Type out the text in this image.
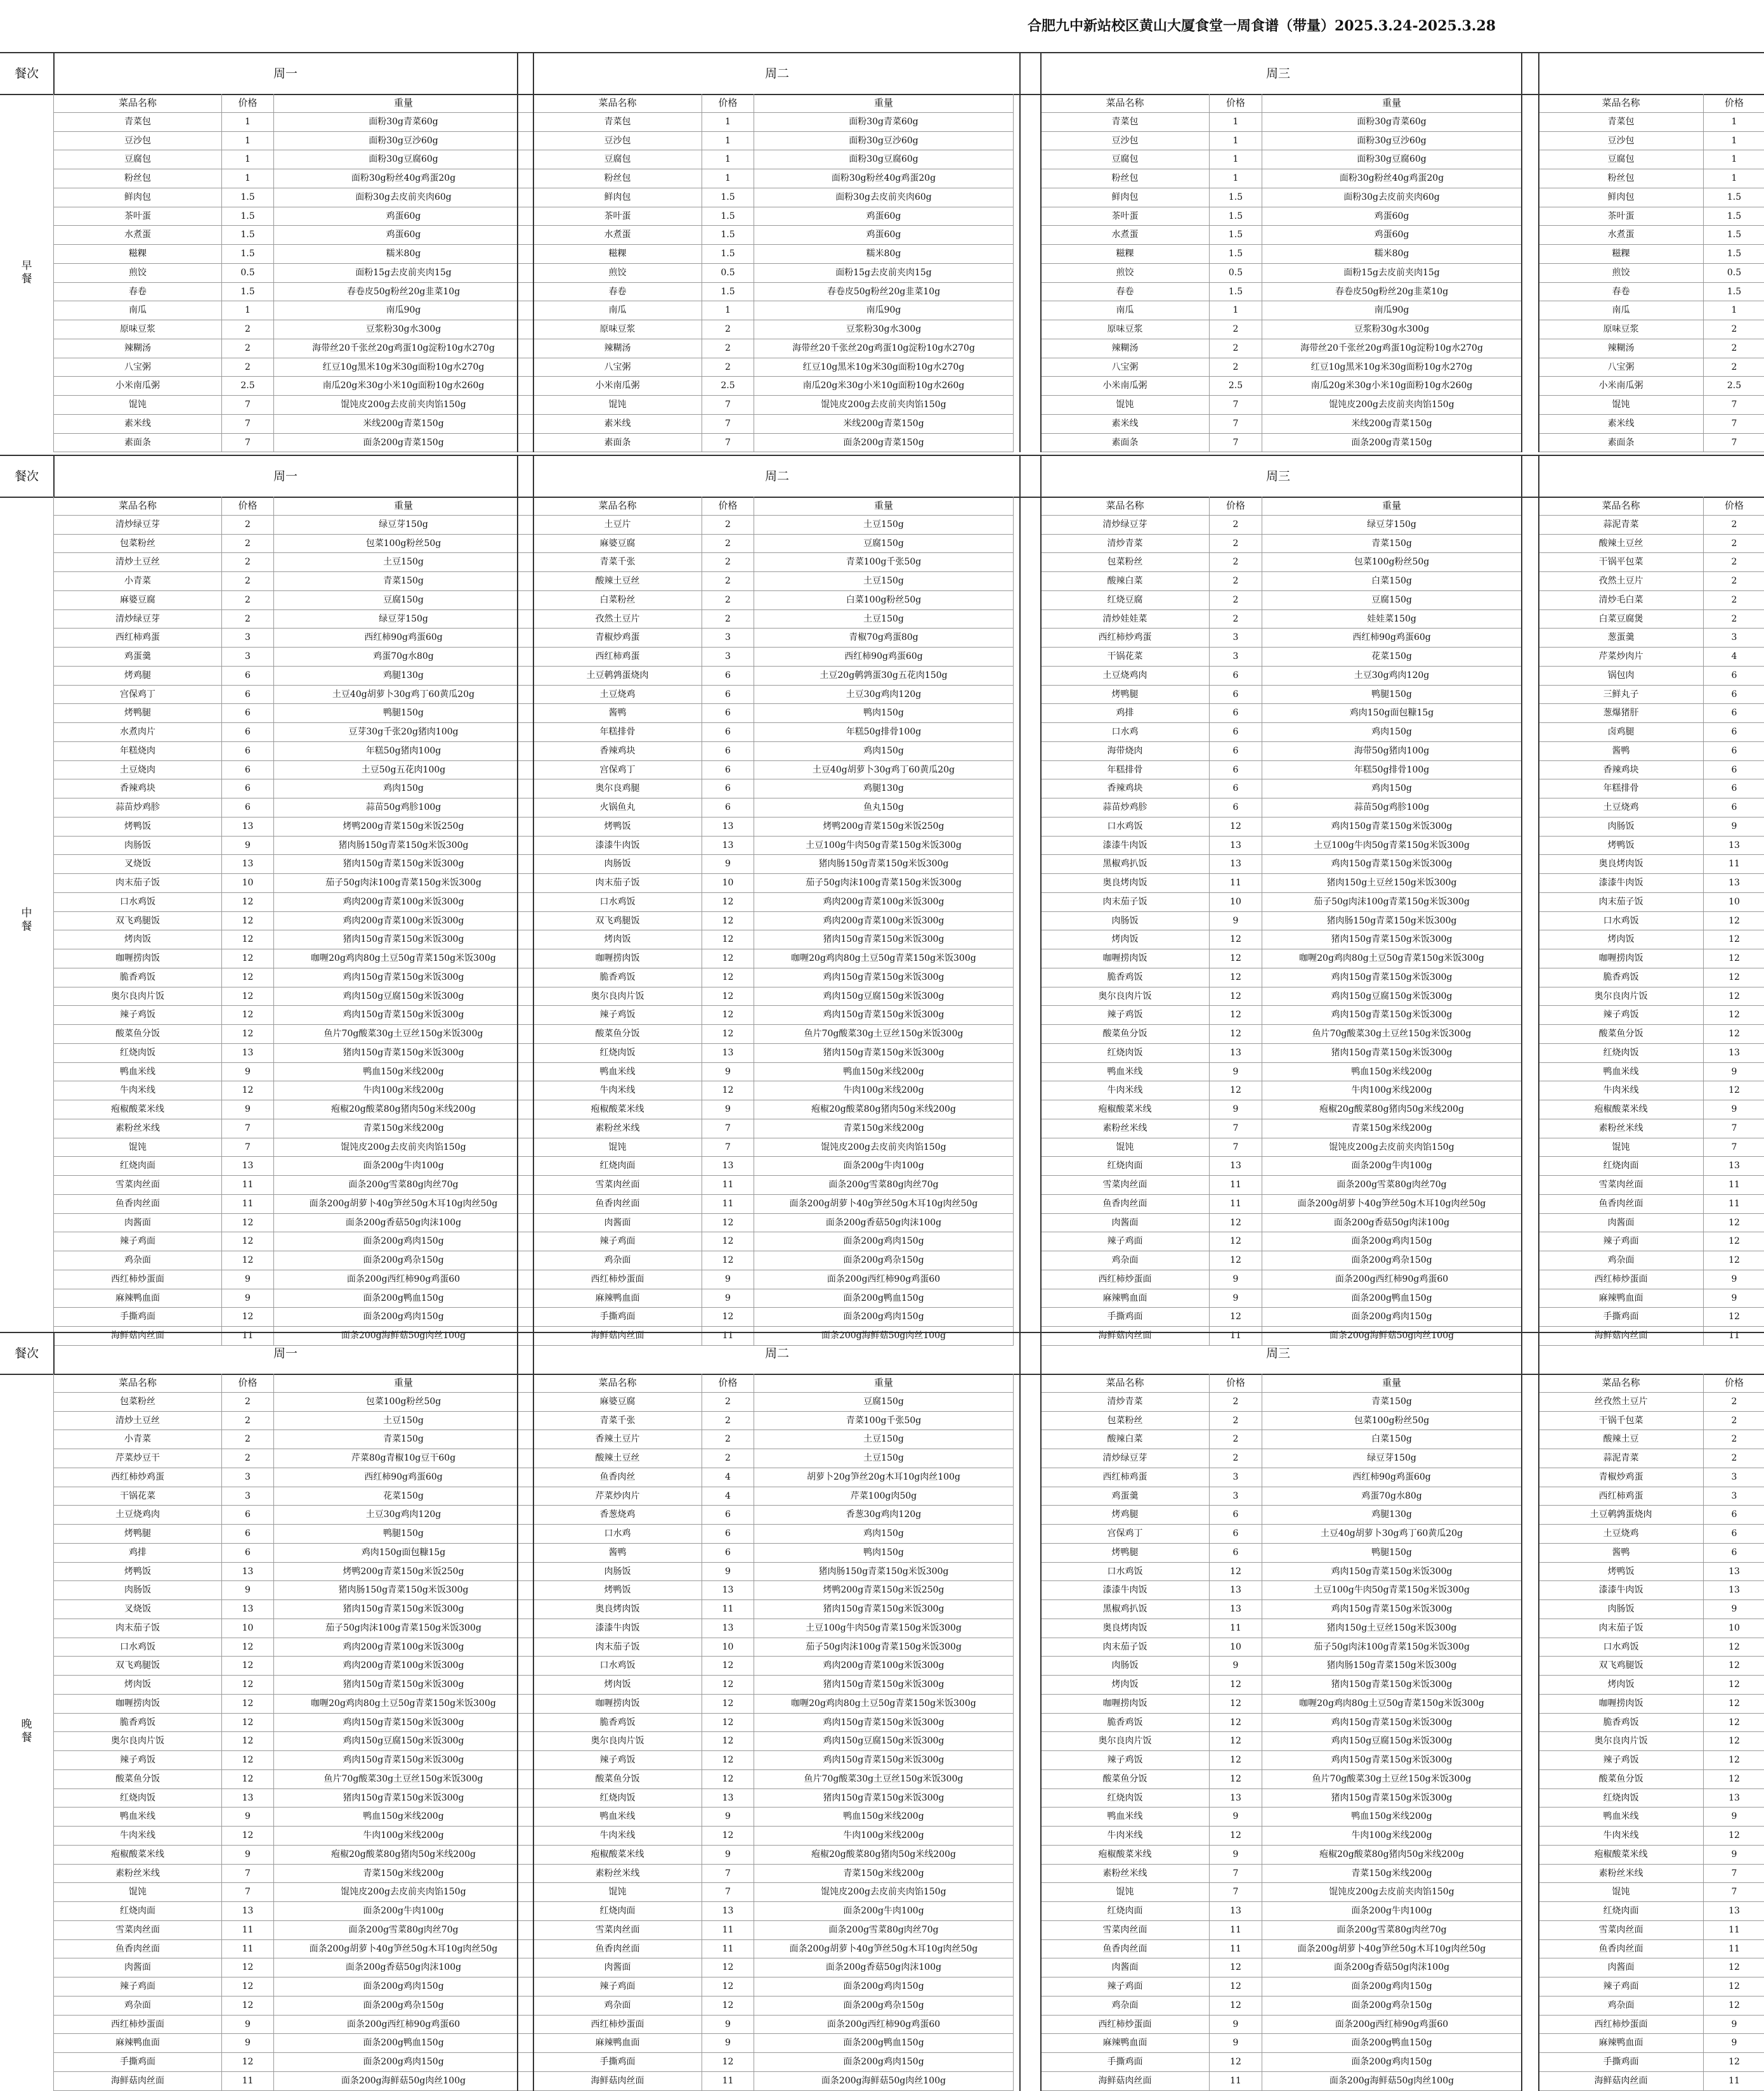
合肥九中新站校区黄山大厦食堂一周食谱（带量）2025.3.24-2025.3.28
餐次	周一	周二	周三
早餐
菜品名称	价格	重量
青菜包	1	面粉30g青菜60g
豆沙包	1	面粉30g豆沙60g
豆腐包	1	面粉30g豆腐60g
粉丝包	1	面粉30g粉丝40g鸡蛋20g
鲜肉包	1.5	面粉30g去皮前夹肉60g
茶叶蛋	1.5	鸡蛋60g
水煮蛋	1.5	鸡蛋60g
糍粿	1.5	糯米80g
煎饺	0.5	面粉15g去皮前夹肉15g
春卷	1.5	春卷皮50g粉丝20g韭菜10g
南瓜	1	南瓜90g
原味豆浆	2	豆浆粉30g水300g
辣糊汤	2	海带丝20千张丝20g鸡蛋10g淀粉10g水270g
八宝粥	2	红豆10g黑米10g米30g面粉10g水270g
小米南瓜粥	2.5	南瓜20g米30g小米10g面粉10g水260g
馄饨	7	馄饨皮200g去皮前夹肉馅150g
素米线	7	米线200g青菜150g
素面条	7	面条200g青菜150g
菜品名称	价格	重量
青菜包	1	面粉30g青菜60g
豆沙包	1	面粉30g豆沙60g
豆腐包	1	面粉30g豆腐60g
粉丝包	1	面粉30g粉丝40g鸡蛋20g
鲜肉包	1.5	面粉30g去皮前夹肉60g
茶叶蛋	1.5	鸡蛋60g
水煮蛋	1.5	鸡蛋60g
糍粿	1.5	糯米80g
煎饺	0.5	面粉15g去皮前夹肉15g
春卷	1.5	春卷皮50g粉丝20g韭菜10g
南瓜	1	南瓜90g
原味豆浆	2	豆浆粉30g水300g
辣糊汤	2	海带丝20千张丝20g鸡蛋10g淀粉10g水270g
八宝粥	2	红豆10g黑米10g米30g面粉10g水270g
小米南瓜粥	2.5	南瓜20g米30g小米10g面粉10g水260g
馄饨	7	馄饨皮200g去皮前夹肉馅150g
素米线	7	米线200g青菜150g
素面条	7	面条200g青菜150g
菜品名称	价格	重量
青菜包	1	面粉30g青菜60g
豆沙包	1	面粉30g豆沙60g
豆腐包	1	面粉30g豆腐60g
粉丝包	1	面粉30g粉丝40g鸡蛋20g
鲜肉包	1.5	面粉30g去皮前夹肉60g
茶叶蛋	1.5	鸡蛋60g
水煮蛋	1.5	鸡蛋60g
糍粿	1.5	糯米80g
煎饺	0.5	面粉15g去皮前夹肉15g
春卷	1.5	春卷皮50g粉丝20g韭菜10g
南瓜	1	南瓜90g
原味豆浆	2	豆浆粉30g水300g
辣糊汤	2	海带丝20千张丝20g鸡蛋10g淀粉10g水270g
八宝粥	2	红豆10g黑米10g米30g面粉10g水270g
小米南瓜粥	2.5	南瓜20g米30g小米10g面粉10g水260g
馄饨	7	馄饨皮200g去皮前夹肉馅150g
素米线	7	米线200g青菜150g
素面条	7	面条200g青菜150g
菜品名称	价格
青菜包	1
豆沙包	1
豆腐包	1
粉丝包	1
鲜肉包	1.5
茶叶蛋	1.5
水煮蛋	1.5
糍粿	1.5
煎饺	0.5
春卷	1.5
南瓜	1
原味豆浆	2
辣糊汤	2
八宝粥	2
小米南瓜粥	2.5
馄饨	7
素米线	7
素面条	7
餐次	周一	周二	周三
中餐
菜品名称	价格	重量
清炒绿豆芽	2	绿豆芽150g
包菜粉丝	2	包菜100g粉丝50g
清炒土豆丝	2	土豆150g
小青菜	2	青菜150g
麻婆豆腐	2	豆腐150g
清炒绿豆芽	2	绿豆芽150g
西红柿鸡蛋	3	西红柿90g鸡蛋60g
鸡蛋羹	3	鸡蛋70g水80g
烤鸡腿	6	鸡腿130g
宫保鸡丁	6	土豆40g胡萝卜30g鸡丁60黄瓜20g
烤鸭腿	6	鸭腿150g
水煮肉片	6	豆芽30g千张20g猪肉100g
年糕烧肉	6	年糕50g猪肉100g
土豆烧肉	6	土豆50g五花肉100g
香辣鸡块	6	鸡肉150g
蒜苗炒鸡胗	6	蒜苗50g鸡胗100g
烤鸭饭	13	烤鸭200g青菜150g米饭250g
肉肠饭	9	猪肉肠150g青菜150g米饭300g
叉烧饭	13	猪肉150g青菜150g米饭300g
肉末茄子饭	10	茄子50g肉沫100g青菜150g米饭300g
口水鸡饭	12	鸡肉200g青菜100g米饭300g
双飞鸡腿饭	12	鸡肉200g青菜100g米饭300g
烤肉饭	12	猪肉150g青菜150g米饭300g
咖喱捞肉饭	12	咖喱20g鸡肉80g土豆50g青菜150g米饭300g
脆香鸡饭	12	鸡肉150g青菜150g米饭300g
奥尔良肉片饭	12	鸡肉150g豆腐150g米饭300g
辣子鸡饭	12	鸡肉150g青菜150g米饭300g
酸菜鱼分饭	12	鱼片70g酸菜30g土豆丝150g米饭300g
红烧肉饭	13	猪肉150g青菜150g米饭300g
鸭血米线	9	鸭血150g米线200g
牛肉米线	12	牛肉100g米线200g
疱椒酸菜米线	9	疱椒20g酸菜80g猪肉50g米线200g
素粉丝米线	7	青菜150g米线200g
馄饨	7	馄饨皮200g去皮前夹肉馅150g
红烧肉面	13	面条200g牛肉100g
雪菜肉丝面	11	面条200g雪菜80g肉丝70g
鱼香肉丝面	11	面条200g胡萝卜40g笋丝50g木耳10g肉丝50g
肉酱面	12	面条200g香菇50g肉沫100g
辣子鸡面	12	面条200g鸡肉150g
鸡杂面	12	面条200g鸡杂150g
西红柿炒蛋面	9	面条200g西红柿90g鸡蛋60
麻辣鸭血面	9	面条200g鸭血150g
手撕鸡面	12	面条200g鸡肉150g
海鲜菇肉丝面	11	面条200g海鲜菇50g肉丝100g
菜品名称	价格	重量
土豆片	2	土豆150g
麻婆豆腐	2	豆腐150g
青菜千张	2	青菜100g千张50g
酸辣土豆丝	2	土豆150g
白菜粉丝	2	白菜100g粉丝50g
孜然土豆片	2	土豆150g
青椒炒鸡蛋	3	青椒70g鸡蛋80g
西红柿鸡蛋	3	西红柿90g鸡蛋60g
土豆鹌鹑蛋烧肉	6	土豆20g鹌鹑蛋30g五花肉150g
土豆烧鸡	6	土豆30g鸡肉120g
酱鸭	6	鸭肉150g
年糕排骨	6	年糕50g排骨100g
香辣鸡块	6	鸡肉150g
宫保鸡丁	6	土豆40g胡萝卜30g鸡丁60黄瓜20g
奥尔良鸡腿	6	鸡腿130g
火锅鱼丸	6	鱼丸150g
烤鸭饭	13	烤鸭200g青菜150g米饭250g
漆漆牛肉饭	13	土豆100g牛肉50g青菜150g米饭300g
肉肠饭	9	猪肉肠150g青菜150g米饭300g
肉末茄子饭	10	茄子50g肉沫100g青菜150g米饭300g
口水鸡饭	12	鸡肉200g青菜100g米饭300g
双飞鸡腿饭	12	鸡肉200g青菜100g米饭300g
烤肉饭	12	猪肉150g青菜150g米饭300g
咖喱捞肉饭	12	咖喱20g鸡肉80g土豆50g青菜150g米饭300g
脆香鸡饭	12	鸡肉150g青菜150g米饭300g
奥尔良肉片饭	12	鸡肉150g豆腐150g米饭300g
辣子鸡饭	12	鸡肉150g青菜150g米饭300g
酸菜鱼分饭	12	鱼片70g酸菜30g土豆丝150g米饭300g
红烧肉饭	13	猪肉150g青菜150g米饭300g
鸭血米线	9	鸭血150g米线200g
牛肉米线	12	牛肉100g米线200g
疱椒酸菜米线	9	疱椒20g酸菜80g猪肉50g米线200g
素粉丝米线	7	青菜150g米线200g
馄饨	7	馄饨皮200g去皮前夹肉馅150g
红烧肉面	13	面条200g牛肉100g
雪菜肉丝面	11	面条200g雪菜80g肉丝70g
鱼香肉丝面	11	面条200g胡萝卜40g笋丝50g木耳10g肉丝50g
肉酱面	12	面条200g香菇50g肉沫100g
辣子鸡面	12	面条200g鸡肉150g
鸡杂面	12	面条200g鸡杂150g
西红柿炒蛋面	9	面条200g西红柿90g鸡蛋60
麻辣鸭血面	9	面条200g鸭血150g
手撕鸡面	12	面条200g鸡肉150g
海鲜菇肉丝面	11	面条200g海鲜菇50g肉丝100g
菜品名称	价格	重量
清炒绿豆芽	2	绿豆芽150g
清炒青菜	2	青菜150g
包菜粉丝	2	包菜100g粉丝50g
酸辣白菜	2	白菜150g
红烧豆腐	2	豆腐150g
清炒娃娃菜	2	娃娃菜150g
西红柿炒鸡蛋	3	西红柿90g鸡蛋60g
干锅花菜	3	花菜150g
土豆烧鸡肉	6	土豆30g鸡肉120g
烤鸭腿	6	鸭腿150g
鸡排	6	鸡肉150g面包糠15g
口水鸡	6	鸡肉150g
海带烧肉	6	海带50g猪肉100g
年糕排骨	6	年糕50g排骨100g
香辣鸡块	6	鸡肉150g
蒜苗炒鸡胗	6	蒜苗50g鸡胗100g
口水鸡饭	12	鸡肉150g青菜150g米饭300g
漆漆牛肉饭	13	土豆100g牛肉50g青菜150g米饭300g
黑椒鸡扒饭	13	鸡肉150g青菜150g米饭300g
奥良烤肉饭	11	猪肉150g土豆丝150g米饭300g
肉末茄子饭	10	茄子50g肉沫100g青菜150g米饭300g
肉肠饭	9	猪肉肠150g青菜150g米饭300g
烤肉饭	12	猪肉150g青菜150g米饭300g
咖喱捞肉饭	12	咖喱20g鸡肉80g土豆50g青菜150g米饭300g
脆香鸡饭	12	鸡肉150g青菜150g米饭300g
奥尔良肉片饭	12	鸡肉150g豆腐150g米饭300g
辣子鸡饭	12	鸡肉150g青菜150g米饭300g
酸菜鱼分饭	12	鱼片70g酸菜30g土豆丝150g米饭300g
红烧肉饭	13	猪肉150g青菜150g米饭300g
鸭血米线	9	鸭血150g米线200g
牛肉米线	12	牛肉100g米线200g
疱椒酸菜米线	9	疱椒20g酸菜80g猪肉50g米线200g
素粉丝米线	7	青菜150g米线200g
馄饨	7	馄饨皮200g去皮前夹肉馅150g
红烧肉面	13	面条200g牛肉100g
雪菜肉丝面	11	面条200g雪菜80g肉丝70g
鱼香肉丝面	11	面条200g胡萝卜40g笋丝50g木耳10g肉丝50g
肉酱面	12	面条200g香菇50g肉沫100g
辣子鸡面	12	面条200g鸡肉150g
鸡杂面	12	面条200g鸡杂150g
西红柿炒蛋面	9	面条200g西红柿90g鸡蛋60
麻辣鸭血面	9	面条200g鸭血150g
手撕鸡面	12	面条200g鸡肉150g
海鲜菇肉丝面	11	面条200g海鲜菇50g肉丝100g
菜品名称	价格
蒜泥青菜	2
酸辣土豆丝	2
干锅平包菜	2
孜然土豆片	2
清炒毛白菜	2
白菜豆腐煲	2
葱蛋羹	3
芹菜炒肉片	4
锅包肉	6
三鲜丸子	6
葱爆猪肝	6
卤鸡腿	6
酱鸭	6
香辣鸡块	6
年糕排骨	6
土豆烧鸡	6
肉肠饭	9
烤鸭饭	13
奥良烤肉饭	11
漆漆牛肉饭	13
肉末茄子饭	10
口水鸡饭	12
烤肉饭	12
咖喱捞肉饭	12
脆香鸡饭	12
奥尔良肉片饭	12
辣子鸡饭	12
酸菜鱼分饭	12
红烧肉饭	13
鸭血米线	9
牛肉米线	12
疱椒酸菜米线	9
素粉丝米线	7
馄饨	7
红烧肉面	13
雪菜肉丝面	11
鱼香肉丝面	11
肉酱面	12
辣子鸡面	12
鸡杂面	12
西红柿炒蛋面	9
麻辣鸭血面	9
手撕鸡面	12
海鲜菇肉丝面	11
餐次	周一	周二	周三
晚餐
菜品名称	价格	重量
包菜粉丝	2	包菜100g粉丝50g
清炒土豆丝	2	土豆150g
小青菜	2	青菜150g
芹菜炒豆干	2	芹菜80g青椒10g豆干60g
西红柿炒鸡蛋	3	西红柿90g鸡蛋60g
干锅花菜	3	花菜150g
土豆烧鸡肉	6	土豆30g鸡肉120g
烤鸭腿	6	鸭腿150g
鸡排	6	鸡肉150g面包糠15g
烤鸭饭	13	烤鸭200g青菜150g米饭250g
肉肠饭	9	猪肉肠150g青菜150g米饭300g
叉烧饭	13	猪肉150g青菜150g米饭300g
肉末茄子饭	10	茄子50g肉沫100g青菜150g米饭300g
口水鸡饭	12	鸡肉200g青菜100g米饭300g
双飞鸡腿饭	12	鸡肉200g青菜100g米饭300g
烤肉饭	12	猪肉150g青菜150g米饭300g
咖喱捞肉饭	12	咖喱20g鸡肉80g土豆50g青菜150g米饭300g
脆香鸡饭	12	鸡肉150g青菜150g米饭300g
奥尔良肉片饭	12	鸡肉150g豆腐150g米饭300g
辣子鸡饭	12	鸡肉150g青菜150g米饭300g
酸菜鱼分饭	12	鱼片70g酸菜30g土豆丝150g米饭300g
红烧肉饭	13	猪肉150g青菜150g米饭300g
鸭血米线	9	鸭血150g米线200g
牛肉米线	12	牛肉100g米线200g
疱椒酸菜米线	9	疱椒20g酸菜80g猪肉50g米线200g
素粉丝米线	7	青菜150g米线200g
馄饨	7	馄饨皮200g去皮前夹肉馅150g
红烧肉面	13	面条200g牛肉100g
雪菜肉丝面	11	面条200g雪菜80g肉丝70g
鱼香肉丝面	11	面条200g胡萝卜40g笋丝50g木耳10g肉丝50g
肉酱面	12	面条200g香菇50g肉沫100g
辣子鸡面	12	面条200g鸡肉150g
鸡杂面	12	面条200g鸡杂150g
西红柿炒蛋面	9	面条200g西红柿90g鸡蛋60
麻辣鸭血面	9	面条200g鸭血150g
手撕鸡面	12	面条200g鸡肉150g
海鲜菇肉丝面	11	面条200g海鲜菇50g肉丝100g
菜品名称	价格	重量
麻婆豆腐	2	豆腐150g
青菜千张	2	青菜100g千张50g
香辣土豆片	2	土豆150g
酸辣土豆丝	2	土豆150g
鱼香肉丝	4	胡萝卜20g笋丝20g木耳10g肉丝100g
芹菜炒肉片	4	芹菜100g肉50g
香葱烧鸡	6	香葱30g鸡肉120g
口水鸡	6	鸡肉150g
酱鸭	6	鸭肉150g
肉肠饭	9	猪肉肠150g青菜150g米饭300g
烤鸭饭	13	烤鸭200g青菜150g米饭250g
奥良烤肉饭	11	猪肉150g青菜150g米饭300g
漆漆牛肉饭	13	土豆100g牛肉50g青菜150g米饭300g
肉末茄子饭	10	茄子50g肉沫100g青菜150g米饭300g
口水鸡饭	12	鸡肉200g青菜100g米饭300g
烤肉饭	12	猪肉150g青菜150g米饭300g
咖喱捞肉饭	12	咖喱20g鸡肉80g土豆50g青菜150g米饭300g
脆香鸡饭	12	鸡肉150g青菜150g米饭300g
奥尔良肉片饭	12	鸡肉150g豆腐150g米饭300g
辣子鸡饭	12	鸡肉150g青菜150g米饭300g
酸菜鱼分饭	12	鱼片70g酸菜30g土豆丝150g米饭300g
红烧肉饭	13	猪肉150g青菜150g米饭300g
鸭血米线	9	鸭血150g米线200g
牛肉米线	12	牛肉100g米线200g
疱椒酸菜米线	9	疱椒20g酸菜80g猪肉50g米线200g
素粉丝米线	7	青菜150g米线200g
馄饨	7	馄饨皮200g去皮前夹肉馅150g
红烧肉面	13	面条200g牛肉100g
雪菜肉丝面	11	面条200g雪菜80g肉丝70g
鱼香肉丝面	11	面条200g胡萝卜40g笋丝50g木耳10g肉丝50g
肉酱面	12	面条200g香菇50g肉沫100g
辣子鸡面	12	面条200g鸡肉150g
鸡杂面	12	面条200g鸡杂150g
西红柿炒蛋面	9	面条200g西红柿90g鸡蛋60
麻辣鸭血面	9	面条200g鸭血150g
手撕鸡面	12	面条200g鸡肉150g
海鲜菇肉丝面	11	面条200g海鲜菇50g肉丝100g
菜品名称	价格	重量
清炒青菜	2	青菜150g
包菜粉丝	2	包菜100g粉丝50g
酸辣白菜	2	白菜150g
清炒绿豆芽	2	绿豆芽150g
西红柿鸡蛋	3	西红柿90g鸡蛋60g
鸡蛋羹	3	鸡蛋70g水80g
烤鸡腿	6	鸡腿130g
宫保鸡丁	6	土豆40g胡萝卜30g鸡丁60黄瓜20g
烤鸭腿	6	鸭腿150g
口水鸡饭	12	鸡肉150g青菜150g米饭300g
漆漆牛肉饭	13	土豆100g牛肉50g青菜150g米饭300g
黑椒鸡扒饭	13	鸡肉150g青菜150g米饭300g
奥良烤肉饭	11	猪肉150g土豆丝150g米饭300g
肉末茄子饭	10	茄子50g肉沫100g青菜150g米饭300g
肉肠饭	9	猪肉肠150g青菜150g米饭300g
烤肉饭	12	猪肉150g青菜150g米饭300g
咖喱捞肉饭	12	咖喱20g鸡肉80g土豆50g青菜150g米饭300g
脆香鸡饭	12	鸡肉150g青菜150g米饭300g
奥尔良肉片饭	12	鸡肉150g豆腐150g米饭300g
辣子鸡饭	12	鸡肉150g青菜150g米饭300g
酸菜鱼分饭	12	鱼片70g酸菜30g土豆丝150g米饭300g
红烧肉饭	13	猪肉150g青菜150g米饭300g
鸭血米线	9	鸭血150g米线200g
牛肉米线	12	牛肉100g米线200g
疱椒酸菜米线	9	疱椒20g酸菜80g猪肉50g米线200g
素粉丝米线	7	青菜150g米线200g
馄饨	7	馄饨皮200g去皮前夹肉馅150g
红烧肉面	13	面条200g牛肉100g
雪菜肉丝面	11	面条200g雪菜80g肉丝70g
鱼香肉丝面	11	面条200g胡萝卜40g笋丝50g木耳10g肉丝50g
肉酱面	12	面条200g香菇50g肉沫100g
辣子鸡面	12	面条200g鸡肉150g
鸡杂面	12	面条200g鸡杂150g
西红柿炒蛋面	9	面条200g西红柿90g鸡蛋60
麻辣鸭血面	9	面条200g鸭血150g
手撕鸡面	12	面条200g鸡肉150g
海鲜菇肉丝面	11	面条200g海鲜菇50g肉丝100g
菜品名称	价格
丝孜然土豆片	2
干锅千包菜	2
酸辣土豆	2
蒜泥青菜	2
青椒炒鸡蛋	3
西红柿鸡蛋	3
土豆鹌鹑蛋烧肉	6
土豆烧鸡	6
酱鸭	6
烤鸭饭	13
漆漆牛肉饭	13
肉肠饭	9
肉末茄子饭	10
口水鸡饭	12
双飞鸡腿饭	12
烤肉饭	12
咖喱捞肉饭	12
脆香鸡饭	12
奥尔良肉片饭	12
辣子鸡饭	12
酸菜鱼分饭	12
红烧肉饭	13
鸭血米线	9
牛肉米线	12
疱椒酸菜米线	9
素粉丝米线	7
馄饨	7
红烧肉面	13
雪菜肉丝面	11
鱼香肉丝面	11
肉酱面	12
辣子鸡面	12
鸡杂面	12
西红柿炒蛋面	9
麻辣鸭血面	9
手撕鸡面	12
海鲜菇肉丝面	11
